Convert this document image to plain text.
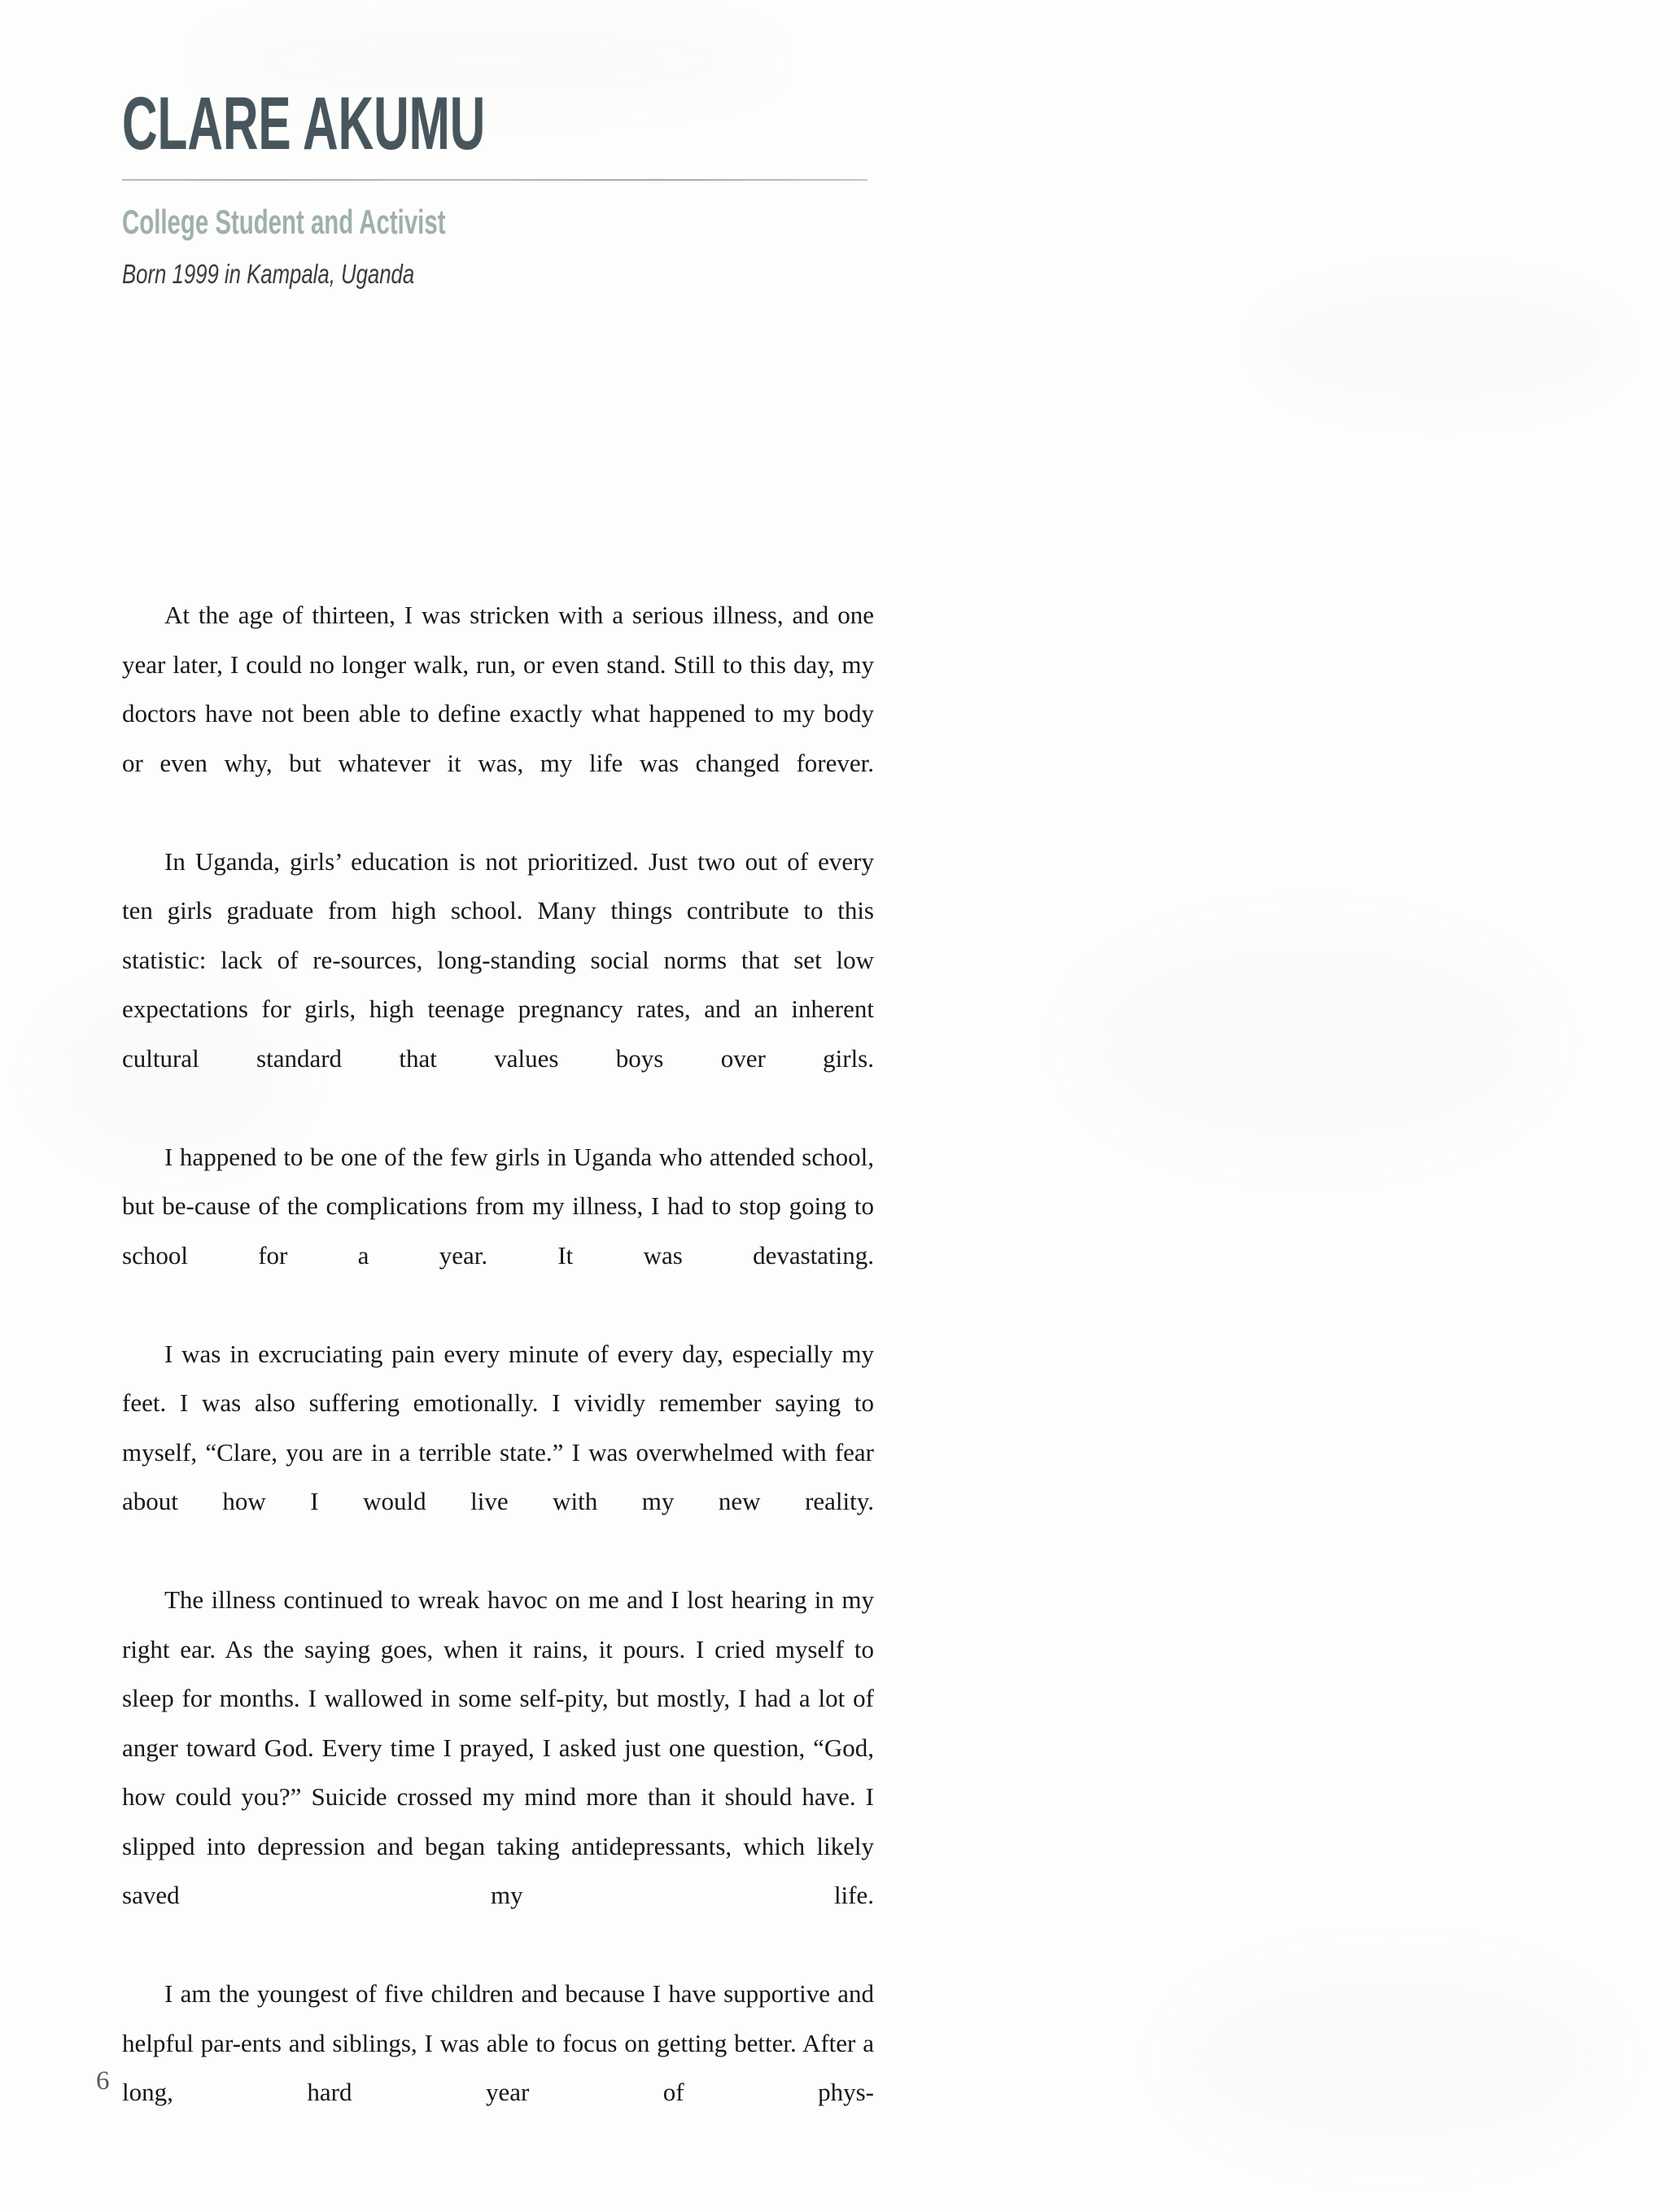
CLARE AKUMU
College Student and Activist
Born 1999 in Kampala, Uganda

At the age of thirteen, I was stricken with a serious illness, and one year later, I could no longer walk, run, or even stand. Still to this day, my doctors have not been able to define exactly what happened to my body or even why, but whatever it was, my life was changed forever.

In Uganda, girls’ education is not prioritized. Just two out of every ten girls graduate from high school. Many things contribute to this statistic: lack of re-sources, long-standing social norms that set low expectations for girls, high teenage pregnancy rates, and an inherent cultural standard that values boys over girls.

I happened to be one of the few girls in Uganda who attended school, but be-cause of the complications from my illness, I had to stop going to school for a year. It was devastating.

I was in excruciating pain every minute of every day, especially my feet. I was also suffering emotionally. I vividly remember saying to myself, “Clare, you are in a terrible state.” I was overwhelmed with fear about how I would live with my new reality.

The illness continued to wreak havoc on me and I lost hearing in my right ear. As the saying goes, when it rains, it pours. I cried myself to sleep for months. I wallowed in some self-pity, but mostly, I had a lot of anger toward God. Every time I prayed, I asked just one question, “God, how could you?” Suicide crossed my mind more than it should have. I slipped into depression and began taking antidepressants, which likely saved my life.

I am the youngest of five children and because I have supportive and helpful par-ents and siblings, I was able to focus on getting better. After a long, hard year of phys-

6
